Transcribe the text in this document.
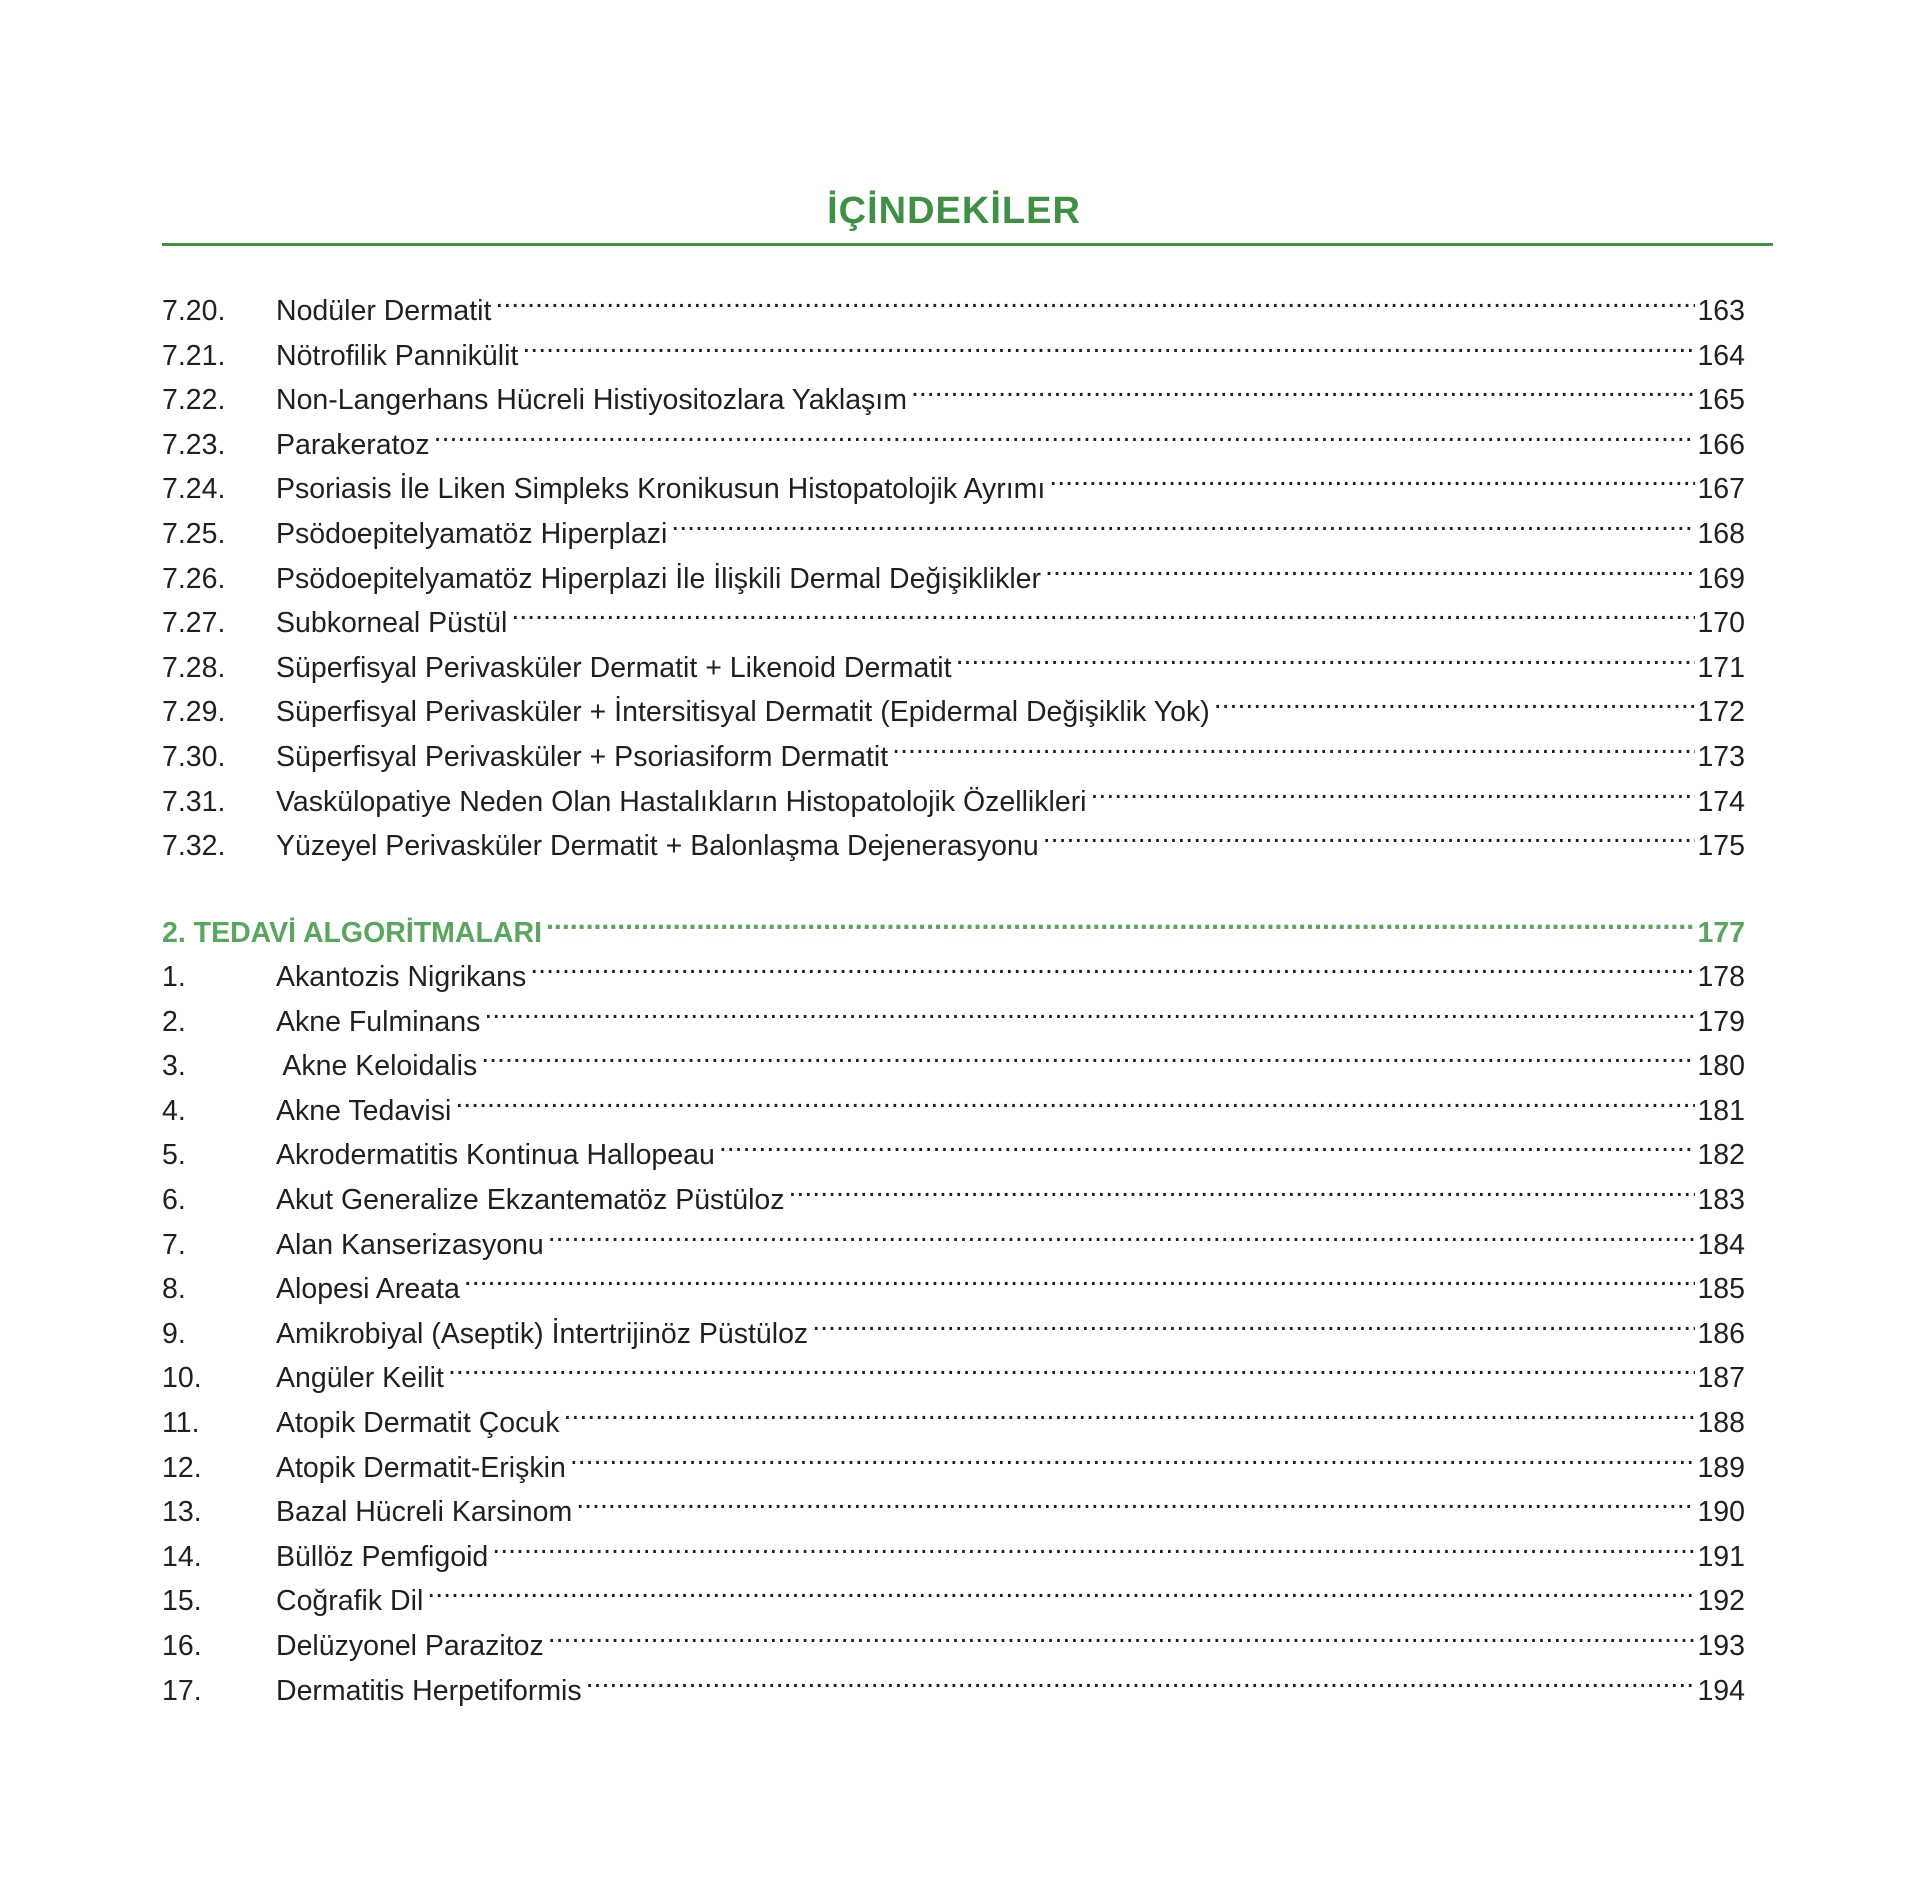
İÇİNDEKİLER
7.20.	Nodüler Dermatit .....	163
7.21.	Nötrofilik Pannikülit .....	164
7.22.	Non-Langerhans Hücreli Histiyositozlara Yaklaşım .....	165
7.23.	Parakeratoz .....	166
7.24.	Psoriasis İle Liken Simpleks Kronikusun Histopatolojik Ayrımı .....	167
7.25.	Psödoepitelyamatöz Hiperplazi .....	168
7.26.	Psödoepitelyamatöz Hiperplazi İle İlişkili Dermal Değişiklikler .....	169
7.27.	Subkorneal Püstül .....	170
7.28.	Süperfisyal Perivasküler Dermatit + Likenoid Dermatit .....	171
7.29.	Süperfisyal Perivasküler + İntersitisyal Dermatit (Epidermal Değişiklik Yok) .....	172
7.30.	Süperfisyal Perivasküler + Psoriasiform Dermatit .....	173
7.31.	Vaskülopatiye Neden Olan Hastalıkların Histopatolojik Özellikleri .....	174
7.32.	Yüzeyel Perivasküler Dermatit + Balonlaşma Dejenerasyonu .....	175
2. TEDAVİ ALGORİTMALARI .....	177
1.	Akantozis Nigrikans .....	178
2.	Akne Fulminans .....	179
3.	Akne Keloidalis .....	180
4.	Akne Tedavisi .....	181
5.	Akrodermatitis Kontinua Hallopeau .....	182
6.	Akut Generalize Ekzantematöz Püstüloz .....	183
7.	Alan Kanserizasyonu .....	184
8.	Alopesi Areata .....	185
9.	Amikrobiyal (Aseptik) İntertrijinöz Püstüloz .....	186
10.	Angüler Keilit .....	187
11.	Atopik Dermatit Çocuk .....	188
12.	Atopik Dermatit-Erişkin .....	189
13.	Bazal Hücreli Karsinom .....	190
14.	Büllöz Pemfigoid .....	191
15.	Coğrafik Dil .....	192
16.	Delüzyonel Parazitoz .....	193
17.	Dermatitis Herpetiformis .....	194
